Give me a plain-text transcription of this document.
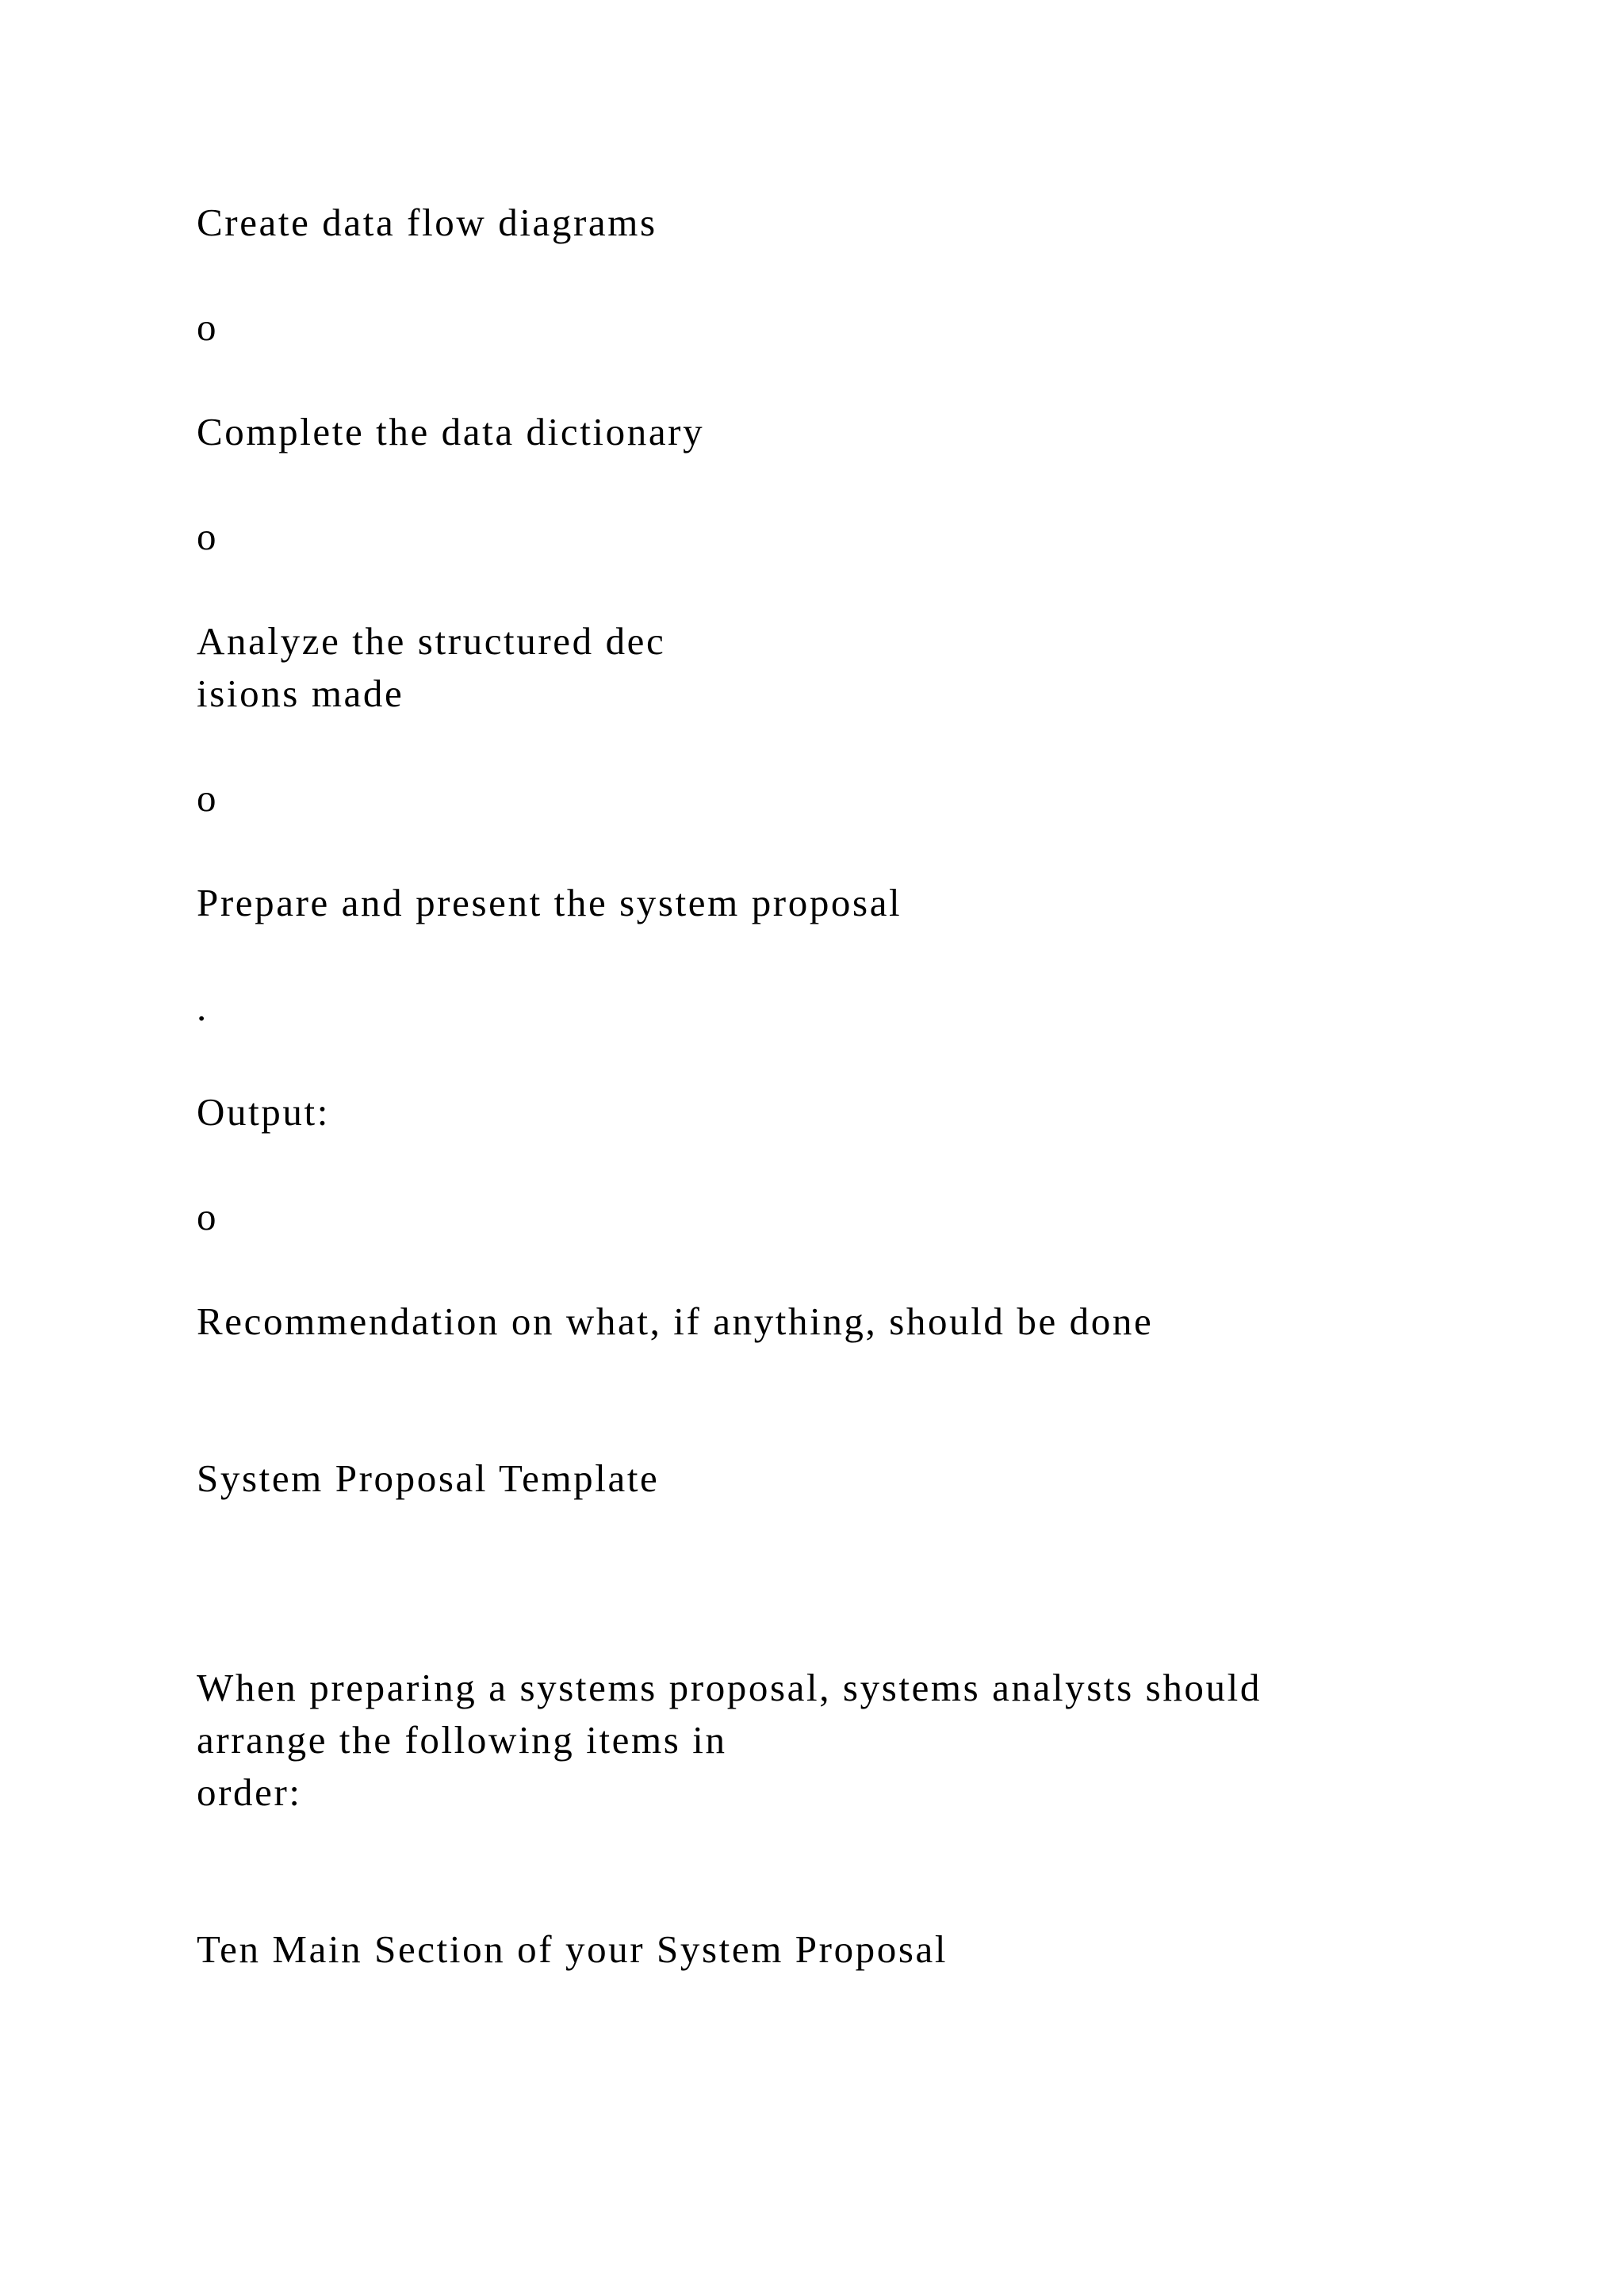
Create data flow diagrams

o

Complete the data dictionary

o

Analyze the structured dec

isions made

o

Prepare and present the system proposal

.

Output:

o

Recommendation on what, if anything, should be done

System Proposal Template

When preparing a systems proposal, systems analysts should

arrange the following items in

order:

Ten Main Section of your System Proposal
